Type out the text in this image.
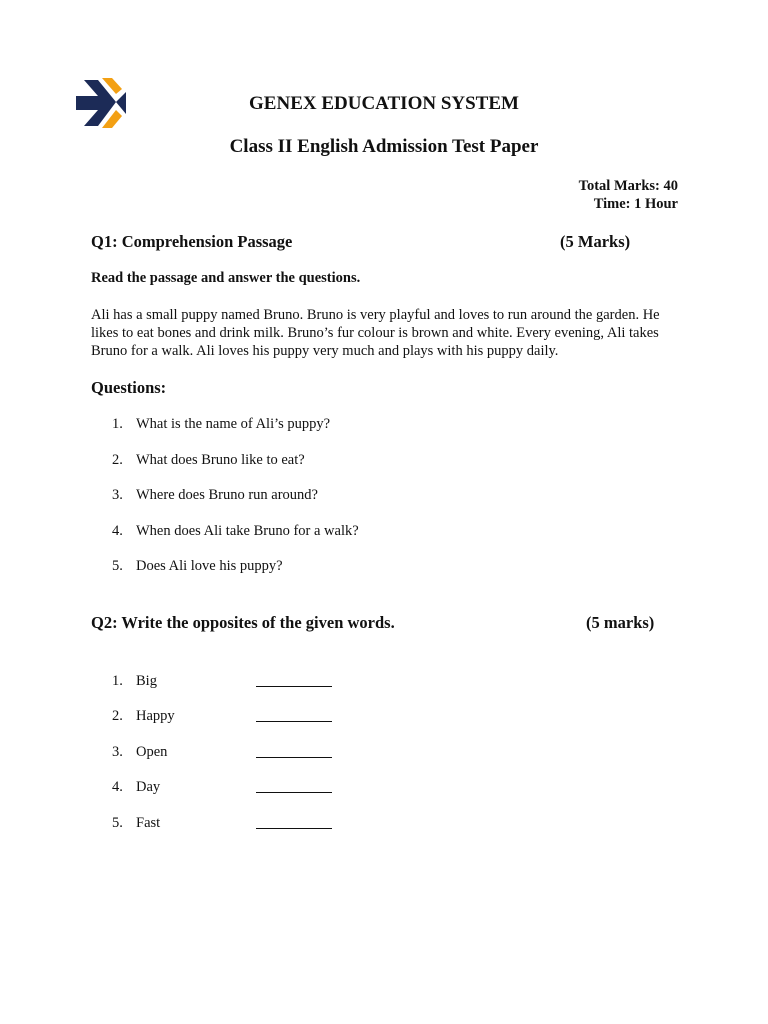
GENEX EDUCATION SYSTEM
Class II English Admission Test Paper
Total Marks: 40
Time: 1 Hour
Q1: Comprehension Passage	(5 Marks)
Read the passage and answer the questions.
Ali has a small puppy named Bruno. Bruno is very playful and loves to run around the garden. He likes to eat bones and drink milk. Bruno’s fur colour is brown and white. Every evening, Ali takes Bruno for a walk. Ali loves his puppy very much and plays with his puppy daily.
Questions:
1. What is the name of Ali’s puppy?
2. What does Bruno like to eat?
3. Where does Bruno run around?
4. When does Ali take Bruno for a walk?
5. Does Ali love his puppy?
Q2: Write the opposites of the given words.	(5 marks)
1. Big
2. Happy
3. Open
4. Day
5. Fast
